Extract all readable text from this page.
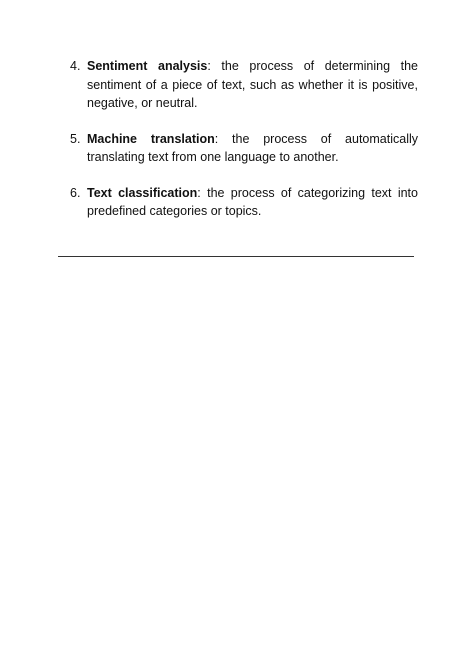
4. Sentiment analysis: the process of determining the sentiment of a piece of text, such as whether it is positive, negative, or neutral.

5. Machine translation: the process of automatically translating text from one language to another.

6. Text classification: the process of categorizing text into predefined categories or topics.
